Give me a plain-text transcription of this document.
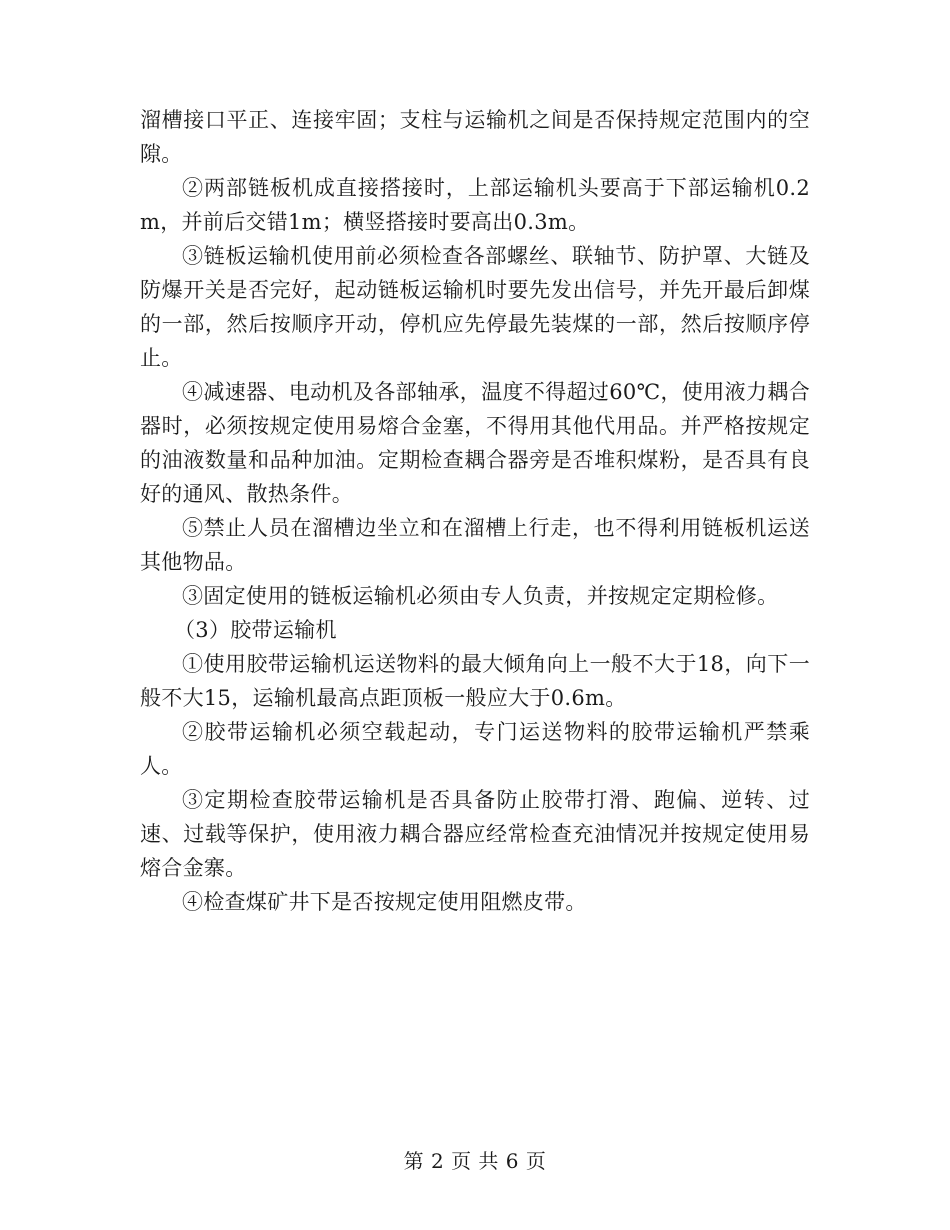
溜槽接口平正、连接牢固；支柱与运输机之间是否保持规定范围内的空隙。

②两部链板机成直接搭接时，上部运输机头要高于下部运输机0.2m，并前后交错1m；横竖搭接时要高出0.3m。

③链板运输机使用前必须检查各部螺丝、联轴节、防护罩、大链及防爆开关是否完好，起动链板运输机时要先发出信号，并先开最后卸煤的一部，然后按顺序开动，停机应先停最先装煤的一部，然后按顺序停止。

④减速器、电动机及各部轴承，温度不得超过60℃，使用液力耦合器时，必须按规定使用易熔合金塞，不得用其他代用品。并严格按规定的油液数量和品种加油。定期检查耦合器旁是否堆积煤粉，是否具有良好的通风、散热条件。

⑤禁止人员在溜槽边坐立和在溜槽上行走，也不得利用链板机运送其他物品。

③固定使用的链板运输机必须由专人负责，并按规定定期检修。

（3）胶带运输机

①使用胶带运输机运送物料的最大倾角向上一般不大于18，向下一般不大15，运输机最高点距顶板一般应大于0.6m。

②胶带运输机必须空载起动，专门运送物料的胶带运输机严禁乘人。

③定期检查胶带运输机是否具备防止胶带打滑、跑偏、逆转、过速、过载等保护，使用液力耦合器应经常检查充油情况并按规定使用易熔合金寨。

④检查煤矿井下是否按规定使用阻燃皮带。

第 2 页 共 6 页
